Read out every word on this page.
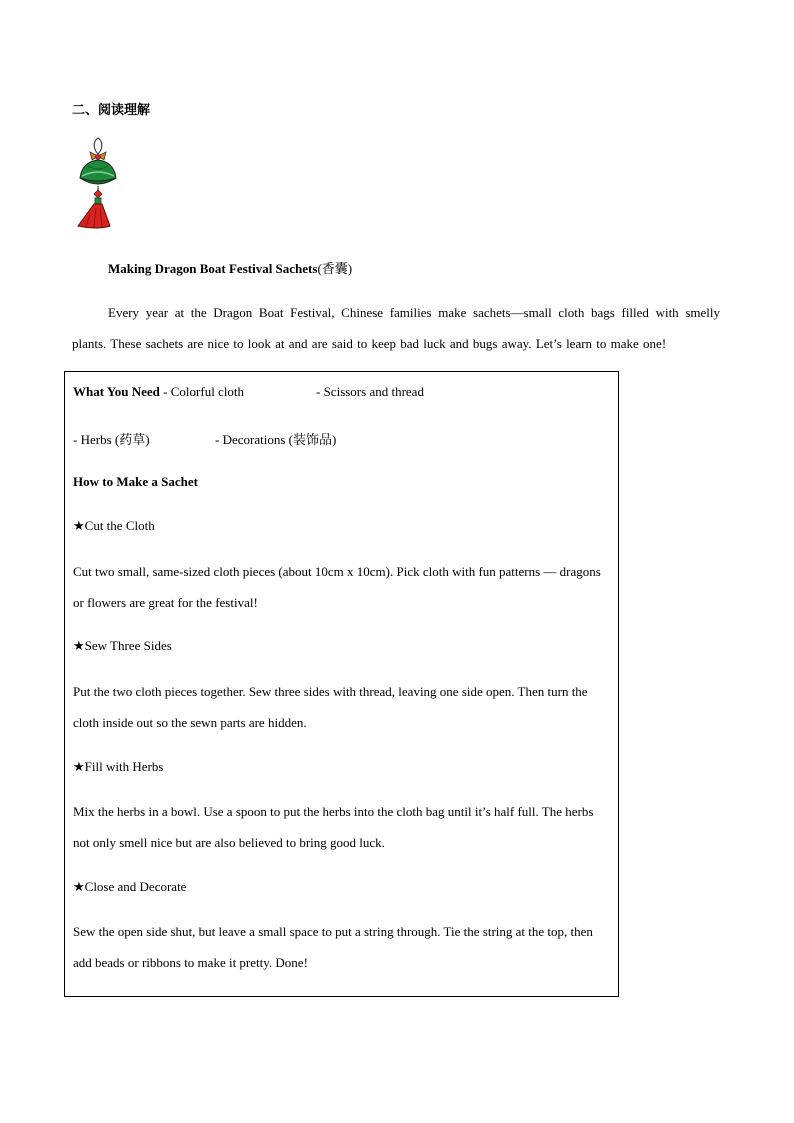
二、阅读理解
Making Dragon Boat Festival Sachets(香囊)
Every year at the Dragon Boat Festival, Chinese families make sachets—small cloth bags filled with smelly plants. These sachets are nice to look at and are said to keep bad luck and bugs away. Let’s learn to make one!
What You Need - Colorful cloth	- Scissors and thread
- Herbs (药草)	- Decorations (装饰品)
How to Make a Sachet
★Cut the Cloth
Cut two small, same-sized cloth pieces (about 10cm x 10cm). Pick cloth with fun patterns — dragons or flowers are great for the festival!
★Sew Three Sides
Put the two cloth pieces together. Sew three sides with thread, leaving one side open. Then turn the cloth inside out so the sewn parts are hidden.
★Fill with Herbs
Mix the herbs in a bowl. Use a spoon to put the herbs into the cloth bag until it’s half full. The herbs not only smell nice but are also believed to bring good luck.
★Close and Decorate
Sew the open side shut, but leave a small space to put a string through. Tie the string at the top, then add beads or ribbons to make it pretty. Done!
